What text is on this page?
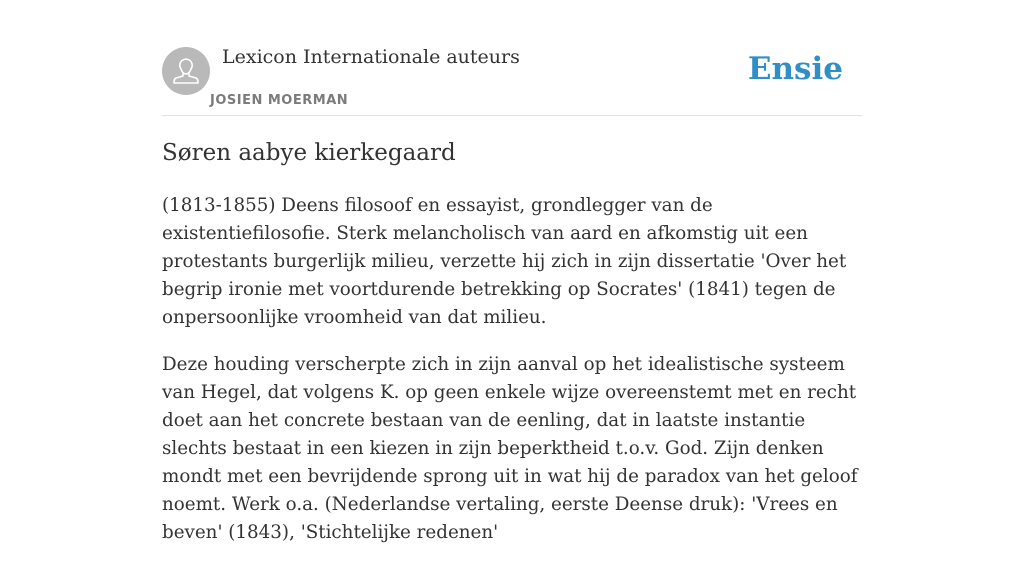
Lexicon Internationale auteurs
JOSIEN MOERMAN
Ensie
Søren aabye kierkegaard

(1813-1855) Deens filosoof en essayist, grondlegger van de existentiefilosofie. Sterk melancholisch van aard en afkomstig uit een protestants burgerlijk milieu, verzette hij zich in zijn dissertatie 'Over het begrip ironie met voortdurende betrekking op Socrates' (1841) tegen de onpersoonlijke vroomheid van dat milieu.

Deze houding verscherpte zich in zijn aanval op het idealistische systeem van Hegel, dat volgens K. op geen enkele wijze overeenstemt met en recht doet aan het concrete bestaan van de eenling, dat in laatste instantie slechts bestaat in een kiezen in zijn beperktheid t.o.v. God. Zijn denken mondt met een bevrijdende sprong uit in wat hij de paradox van het geloof noemt. Werk o.a. (Nederlandse vertaling, eerste Deense druk): 'Vrees en beven' (1843), 'Stichtelijke redenen'
